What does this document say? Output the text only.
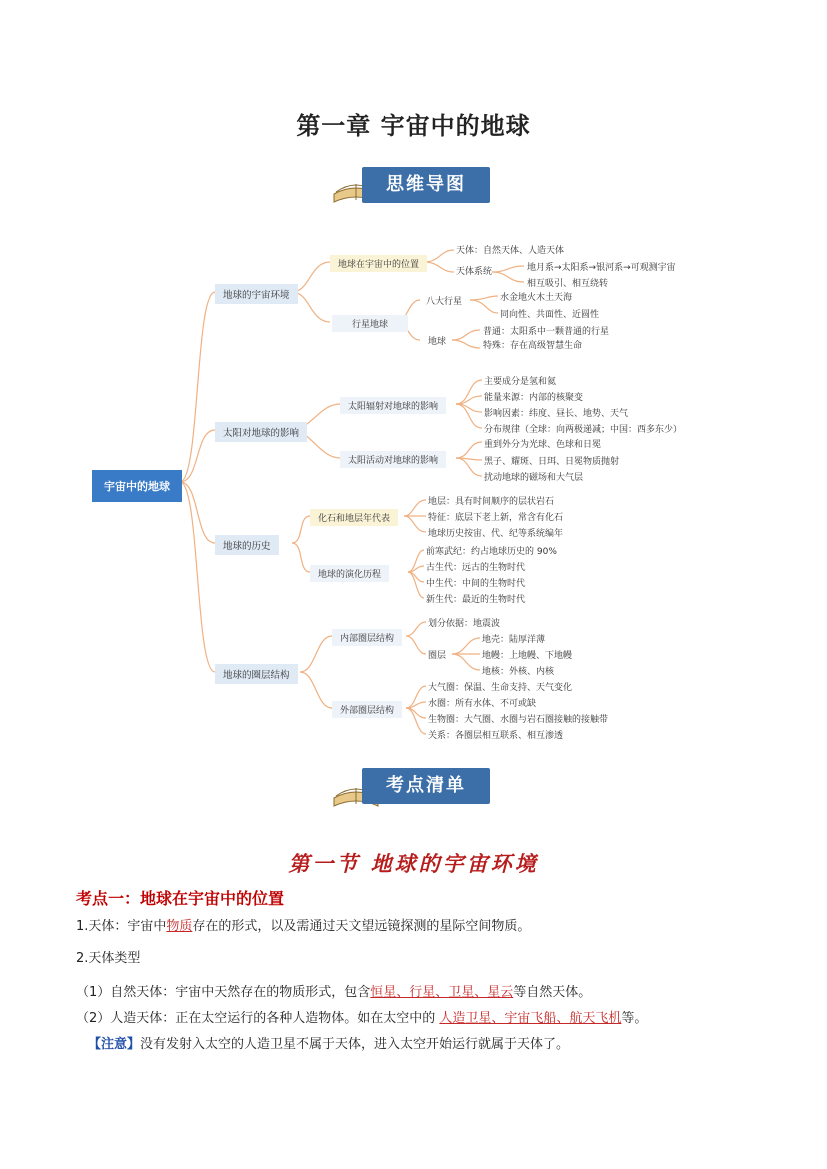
第一章 宇宙中的地球
思维导图
宇宙中的地球
地球的宇宙环境
地球在宇宙中的位置
天体：自然天体、人造天体
天体系统	地月系→太阳系→银河系→可观测宇宙
相互吸引、相互绕转
行星地球
八大行星	水金地火木土天海
同向性、共面性、近圆性
地球
普通：太阳系中一颗普通的行星
特殊：存在高级智慧生命
太阳对地球的影响
太阳辐射对地球的影响
主要成分是氢和氦
能量来源：内部的核聚变
影响因素：纬度、昼长、地势、天气
分布规律（全球：向两极递减；中国：西多东少）
太阳活动对地球的影响
重到外分为光球、色球和日冕
黑子、耀斑、日珥、日冕物质抛射
扰动地球的磁场和大气层
地球的历史
化石和地层年代表
地层：具有时间顺序的层状岩石
特征：底层下老上新，常含有化石
地球历史按宙、代、纪等系统编年
地球的演化历程
前寒武纪：约占地球历史的 90%
古生代：远古的生物时代
中生代：中间的生物时代
新生代：最近的生物时代
地球的圈层结构
内部圈层结构
划分依据：地震波
圈层
地壳：陆厚洋薄
地幔：上地幔、下地幔
地核：外核、内核
外部圈层结构
大气圈：保温、生命支持、天气变化
水圈：所有水体、不可或缺
生物圈：大气圈、水圈与岩石圈接触的接触带
关系：各圈层相互联系、相互渗透
考点清单
第一节 地球的宇宙环境
考点一：地球在宇宙中的位置
1.天体：宇宙中物质存在的形式，以及需通过天文望远镜探测的星际空间物质。
2.天体类型
（1）自然天体：宇宙中天然存在的物质形式，包含恒星、行星、卫星、星云等自然天体。
（2）人造天体：正在太空运行的各种人造物体。如在太空中的 人造卫星、宇宙飞船、航天飞机等。
【注意】没有发射入太空的人造卫星不属于天体，进入太空开始运行就属于天体了。
